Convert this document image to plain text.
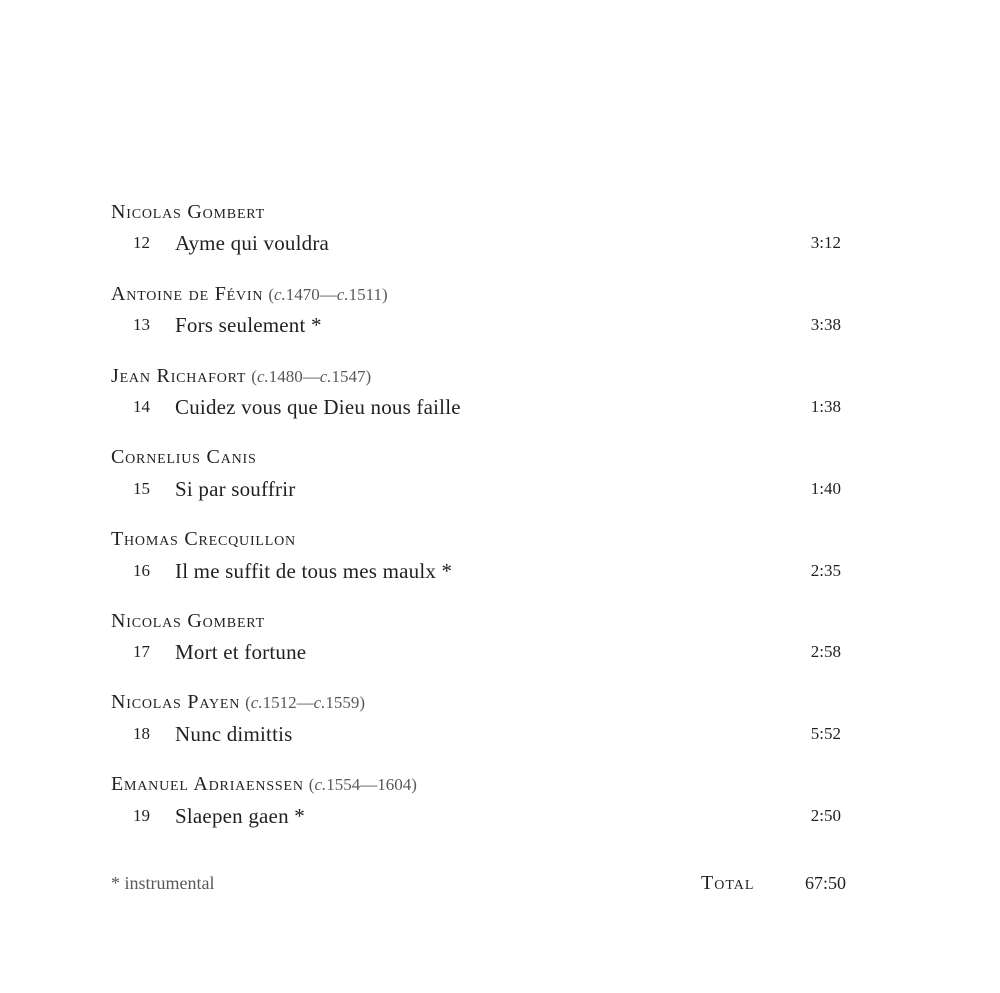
Nicolas Gombert
12	Ayme qui vouldra	3:12
Antoine de Févin (c.1470—c.1511)
13	Fors seulement *	3:38
Jean Richafort (c.1480—c.1547)
14	Cuidez vous que Dieu nous faille	1:38
Cornelius Canis
15	Si par souffrir	1:40
Thomas Crecquillon
16	Il me suffit de tous mes maulx *	2:35
Nicolas Gombert
17	Mort et fortune	2:58
Nicolas Payen (c.1512—c.1559)
18	Nunc dimittis	5:52
Emanuel Adriaenssen (c.1554—1604)
19	Slaepen gaen *	2:50
* instrumental	Total	67:50
